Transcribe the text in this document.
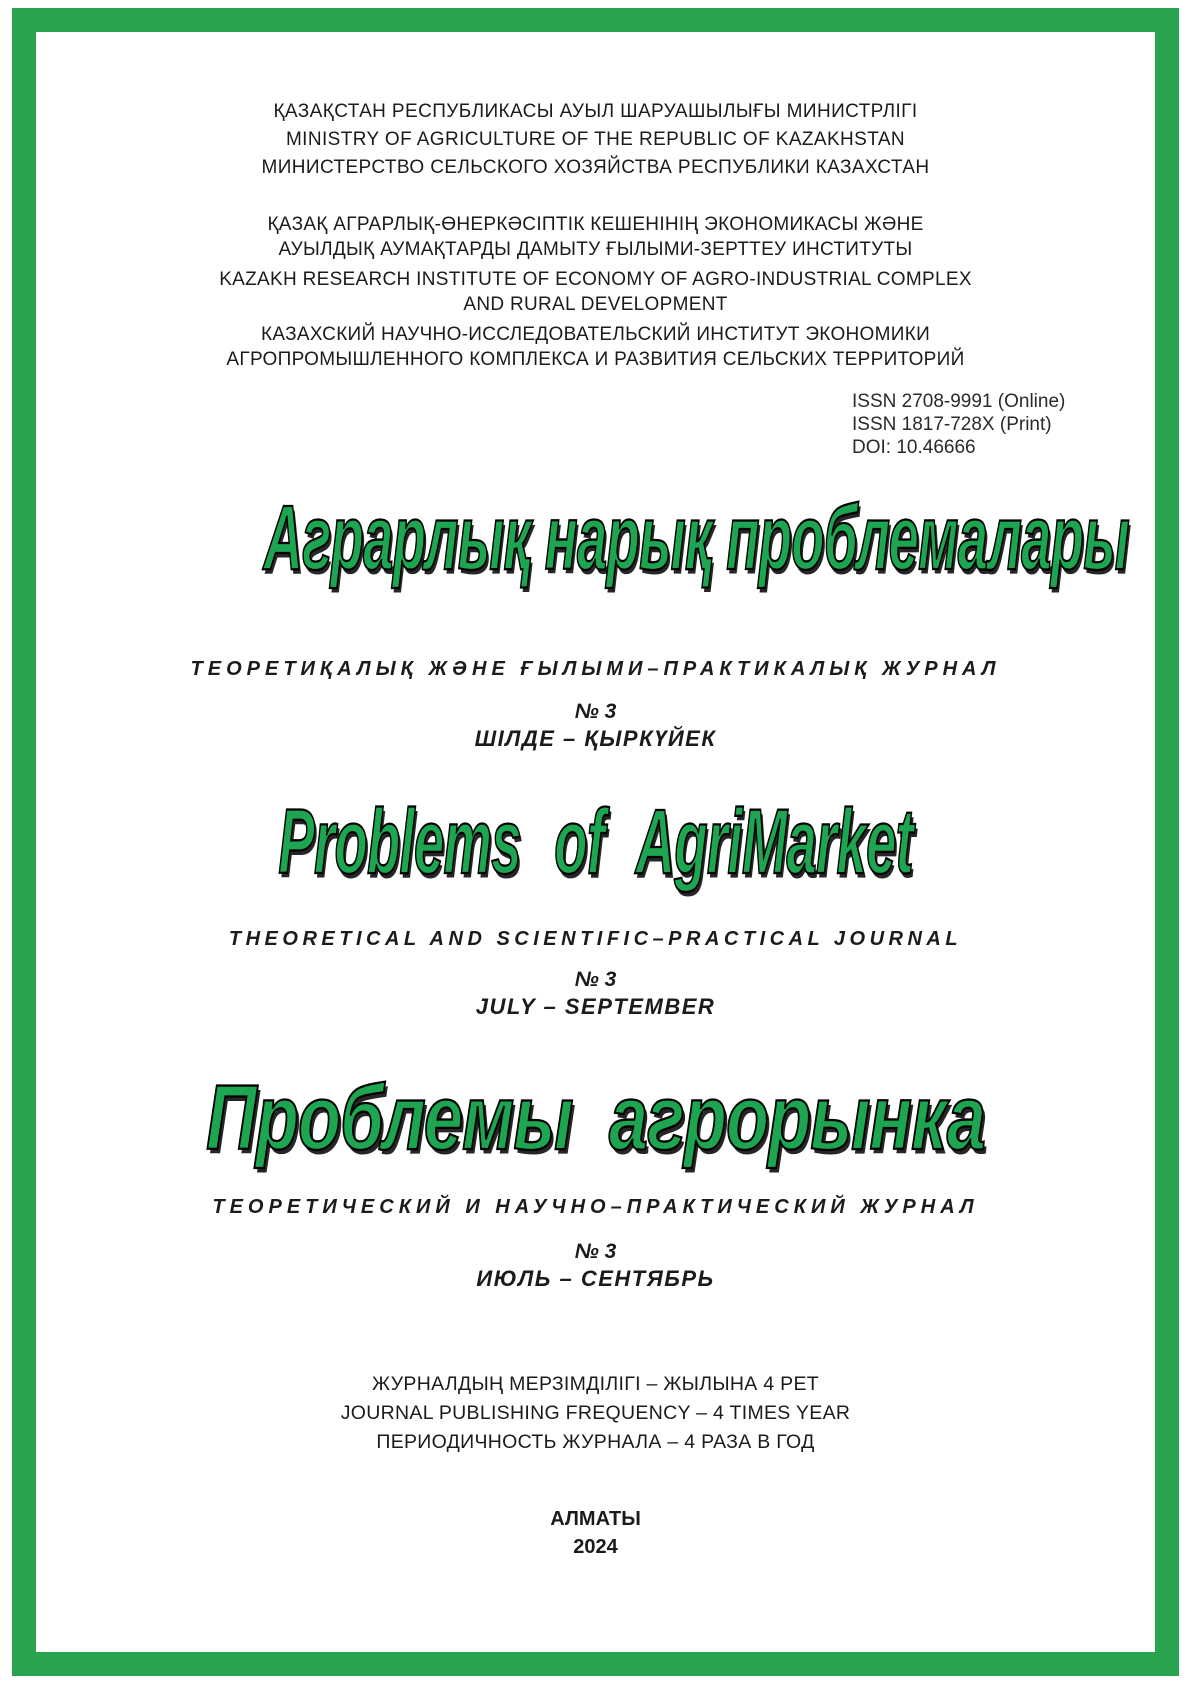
ҚАЗАҚСТАН РЕСПУБЛИКАСЫ АУЫЛ ШАРУАШЫЛЫҒЫ МИНИСТРЛІГІ
MINISTRY OF AGRICULTURE OF THE REPUBLIC OF KAZAKHSTAN
МИНИСТЕРСТВО СЕЛЬСКОГО ХОЗЯЙСТВА РЕСПУБЛИКИ КАЗАХСТАН

ҚАЗАҚ АГРАРЛЫҚ-ӨНЕРКӘСІПТІК КЕШЕНІНІҢ ЭКОНОМИКАСЫ ЖӘНЕ
АУЫЛДЫҚ АУМАҚТАРДЫ ДАМЫТУ ҒЫЛЫМИ-ЗЕРТТЕУ ИНСТИТУТЫ

KAZAKH RESEARCH INSTITUTE OF ECONOMY OF AGRO-INDUSTRIAL COMPLEX
AND RURAL DEVELOPMENT

КАЗАХСКИЙ НАУЧНО-ИССЛЕДОВАТЕЛЬСКИЙ ИНСТИТУТ ЭКОНОМИКИ
АГРОПРОМЫШЛЕННОГО КОМПЛЕКСА И РАЗВИТИЯ СЕЛЬСКИХ ТЕРРИТОРИЙ

ISSN 2708-9991 (Online)
ISSN 1817-728X (Print)
DOI: 10.46666
Аграрлық нарық проблемалары
ТЕОРЕТИҚАЛЫҚ ЖӘНЕ ҒЫЛЫМИ–ПРАКТИКАЛЫҚ ЖУРНАЛ
№ 3
ШІЛДЕ – ҚЫРКҮЙЕК
Problems of AgriMarket
THEORETICAL AND SCIENTIFIC–PRACTICAL JOURNAL
№ 3
JULY – SEPTEMBER
Проблемы агрорынка
ТЕОРЕТИЧЕСКИЙ И НАУЧНО–ПРАКТИЧЕСКИЙ ЖУРНАЛ
№ 3
ИЮЛЬ – СЕНТЯБРЬ

ЖУРНАЛДЫҢ МЕРЗІМДІЛІГІ – ЖЫЛЫНА 4 РЕТ

JOURNAL PUBLISHING FREQUENCY – 4 TIMES YEAR

ПЕРИОДИЧНОСТЬ ЖУРНАЛА – 4 РАЗА В ГОД

АЛМАТЫ

2024
